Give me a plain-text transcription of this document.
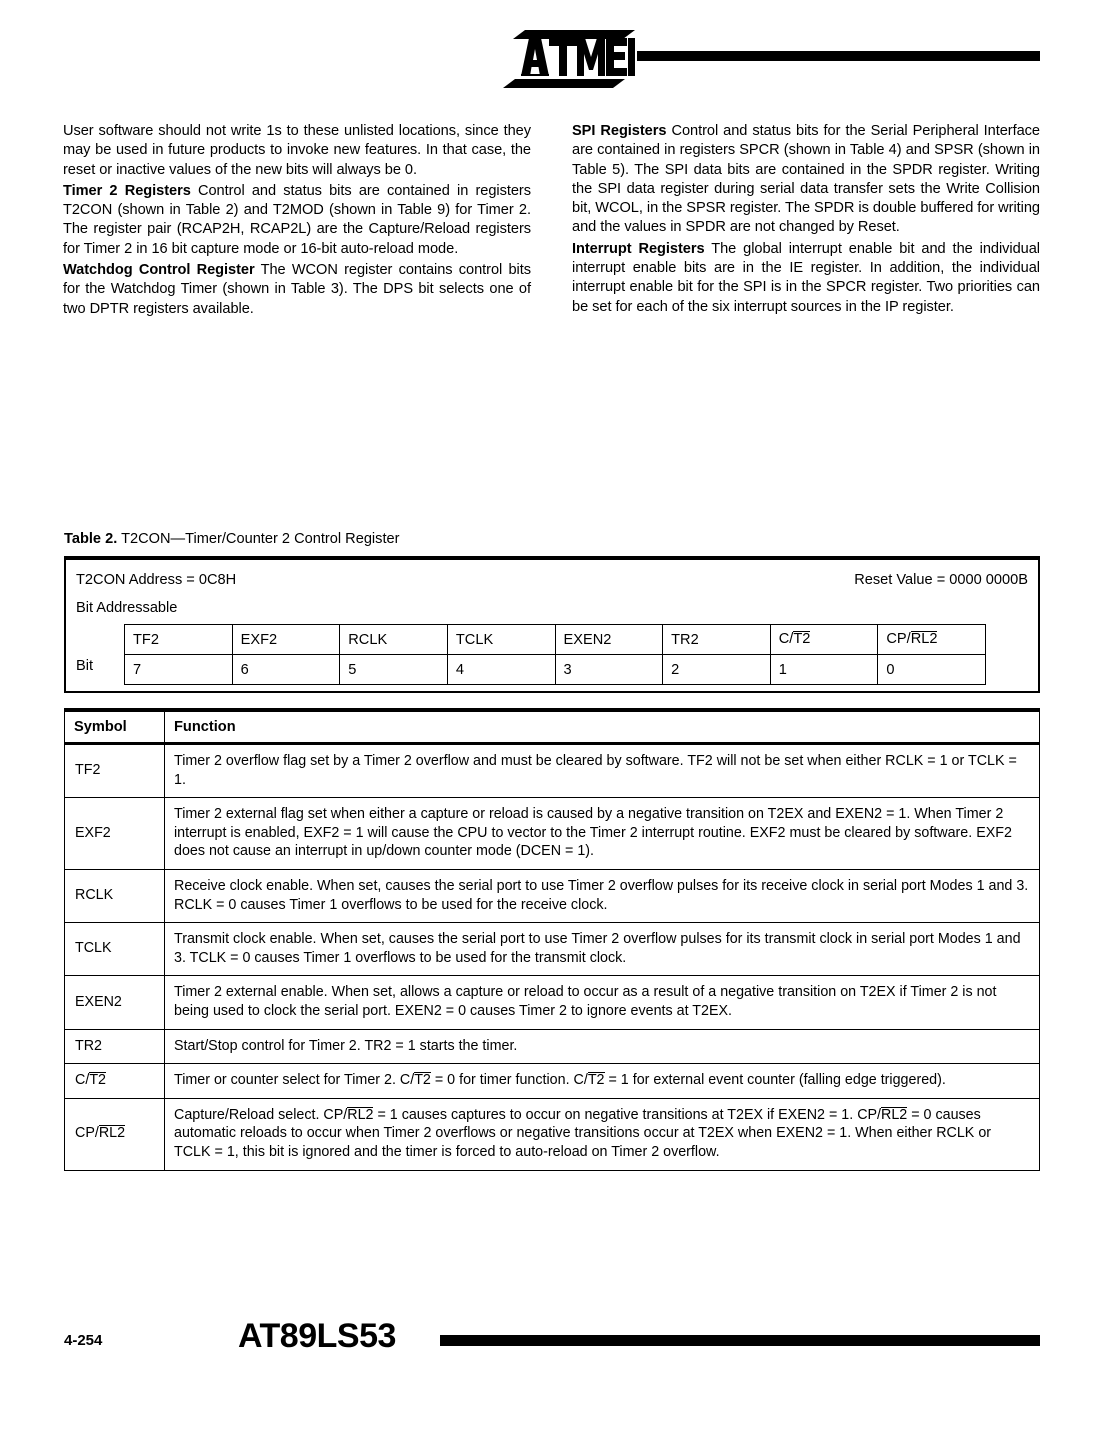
User software should not write 1s to these unlisted locations, since they may be used in future products to invoke new features. In that case, the reset or inactive values of the new bits will always be 0.

Timer 2 Registers Control and status bits are contained in registers T2CON (shown in Table 2) and T2MOD (shown in Table 9) for Timer 2. The register pair (RCAP2H, RCAP2L) are the Capture/Reload registers for Timer 2 in 16 bit capture mode or 16-bit auto-reload mode.

Watchdog Control Register The WCON register contains control bits for the Watchdog Timer (shown in Table 3). The DPS bit selects one of two DPTR registers available.

SPI Registers Control and status bits for the Serial Peripheral Interface are contained in registers SPCR (shown in Table 4) and SPSR (shown in Table 5). The SPI data bits are contained in the SPDR register. Writing the SPI data register during serial data transfer sets the Write Collision bit, WCOL, in the SPSR register. The SPDR is double buffered for writing and the values in SPDR are not changed by Reset.

Interrupt Registers The global interrupt enable bit and the individual interrupt enable bits are in the IE register. In addition, the individual interrupt enable bit for the SPI is in the SPCR register. Two priorities can be set for each of the six interrupt sources in the IP register.

Table 2. T2CON—Timer/Counter 2 Control Register
T2CON Address = 0C8H	Reset Value = 0000 0000B
Bit Addressable
Bit
TF2	EXF2	RCLK	TCLK	EXEN2	TR2	C/T2	CP/RL2
7	6	5	4	3	2	1	0
Symbol	Function
TF2	Timer 2 overflow flag set by a Timer 2 overflow and must be cleared by software. TF2 will not be set when either RCLK = 1 or TCLK = 1.
EXF2	Timer 2 external flag set when either a capture or reload is caused by a negative transition on T2EX and EXEN2 = 1. When Timer 2 interrupt is enabled, EXF2 = 1 will cause the CPU to vector to the Timer 2 interrupt routine. EXF2 must be cleared by software. EXF2 does not cause an interrupt in up/down counter mode (DCEN = 1).
RCLK	Receive clock enable. When set, causes the serial port to use Timer 2 overflow pulses for its receive clock in serial port Modes 1 and 3. RCLK = 0 causes Timer 1 overflows to be used for the receive clock.
TCLK	Transmit clock enable. When set, causes the serial port to use Timer 2 overflow pulses for its transmit clock in serial port Modes 1 and 3. TCLK = 0 causes Timer 1 overflows to be used for the transmit clock.
EXEN2	Timer 2 external enable. When set, allows a capture or reload to occur as a result of a negative transition on T2EX if Timer 2 is not being used to clock the serial port. EXEN2 = 0 causes Timer 2 to ignore events at T2EX.
TR2	Start/Stop control for Timer 2. TR2 = 1 starts the timer.
C/T2	Timer or counter select for Timer 2. C/T2 = 0 for timer function. C/T2 = 1 for external event counter (falling edge triggered).
CP/RL2	Capture/Reload select. CP/RL2 = 1 causes captures to occur on negative transitions at T2EX if EXEN2 = 1. CP/RL2 = 0 causes automatic reloads to occur when Timer 2 overflows or negative transitions occur at T2EX when EXEN2 = 1. When either RCLK or TCLK = 1, this bit is ignored and the timer is forced to auto-reload on Timer 2 overflow.
4-254	AT89LS53
